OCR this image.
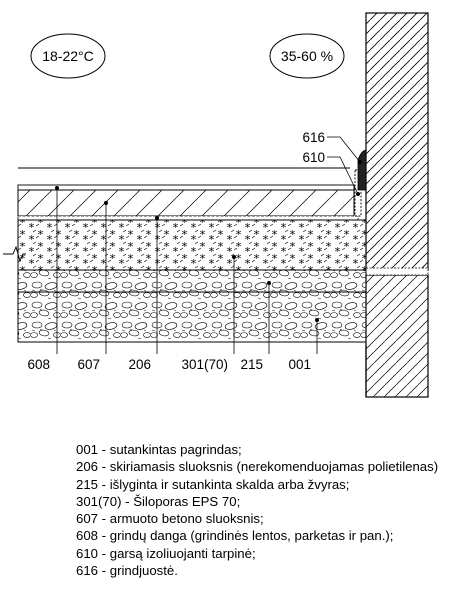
18-22°C	35-60 %
616
610
608 607 206 301(70) 215 001
001 - sutankintas pagrindas;
206 - skiriamasis sluoksnis (nerekomenduojamas polietilenas)
215 - išlyginta ir sutankinta skalda arba žvyras;
301(70) - Šiloporas EPS 70;
607 - armuoto betono sluoksnis;
608 - grindų danga (grindinės lentos, parketas ir pan.);
610 - garsą izoliuojanti tarpinė;
616 - grindjuostė.
